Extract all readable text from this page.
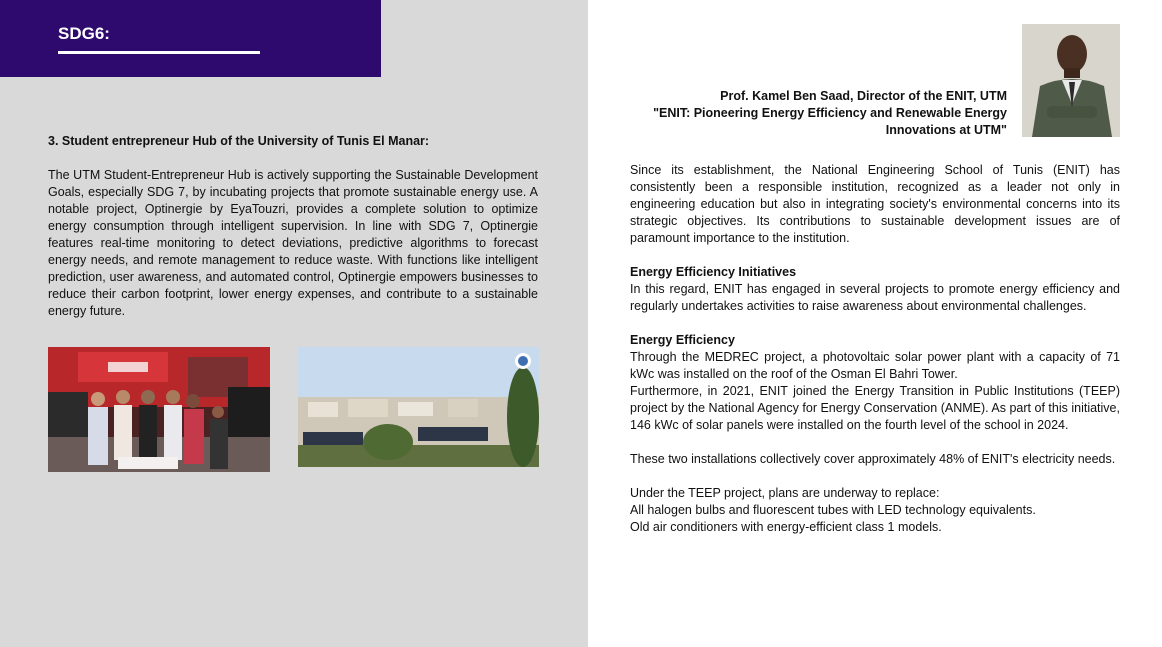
SDG6:
3. Student entrepreneur Hub of the University of Tunis El Manar:
The UTM Student-Entrepreneur Hub is actively supporting the Sustainable Development Goals, especially SDG 7, by incubating projects that promote sustainable energy use. A notable project, Optinergie by EyaTouzri, provides a complete solution to optimize energy consumption through intelligent supervision. In line with SDG 7, Optinergie features real-time monitoring to detect deviations, predictive algorithms to forecast energy needs, and remote management to reduce waste. With functions like intelligent prediction, user awareness, and automated control, Optinergie empowers businesses to reduce their carbon footprint, lower energy expenses, and contribute to a sustainable energy future.
Prof. Kamel Ben Saad, Director of the ENIT, UTM
"ENIT: Pioneering Energy Efficiency and Renewable Energy Innovations at UTM"

Since its establishment, the National Engineering School of Tunis (ENIT) has consistently been a responsible institution, recognized as a leader not only in engineering education but also in integrating society's environmental concerns into its strategic objectives. Its contributions to sustainable development issues are of paramount importance to the institution.

Energy Efficiency Initiatives
In this regard, ENIT has engaged in several projects to promote energy efficiency and regularly undertakes activities to raise awareness about environmental challenges.

Energy Efficiency
Through the MEDREC project, a photovoltaic solar power plant with a capacity of 71 kWc was installed on the roof of the Osman El Bahri Tower.
Furthermore, in 2021, ENIT joined the Energy Transition in Public Institutions (TEEP) project by the National Agency for Energy Conservation (ANME). As part of this initiative, 146 kWc of solar panels were installed on the fourth level of the school in 2024.

These two installations collectively cover approximately 48% of ENIT's electricity needs.

Under the TEEP project, plans are underway to replace:
All halogen bulbs and fluorescent tubes with LED technology equivalents.
Old air conditioners with energy-efficient class 1 models.
